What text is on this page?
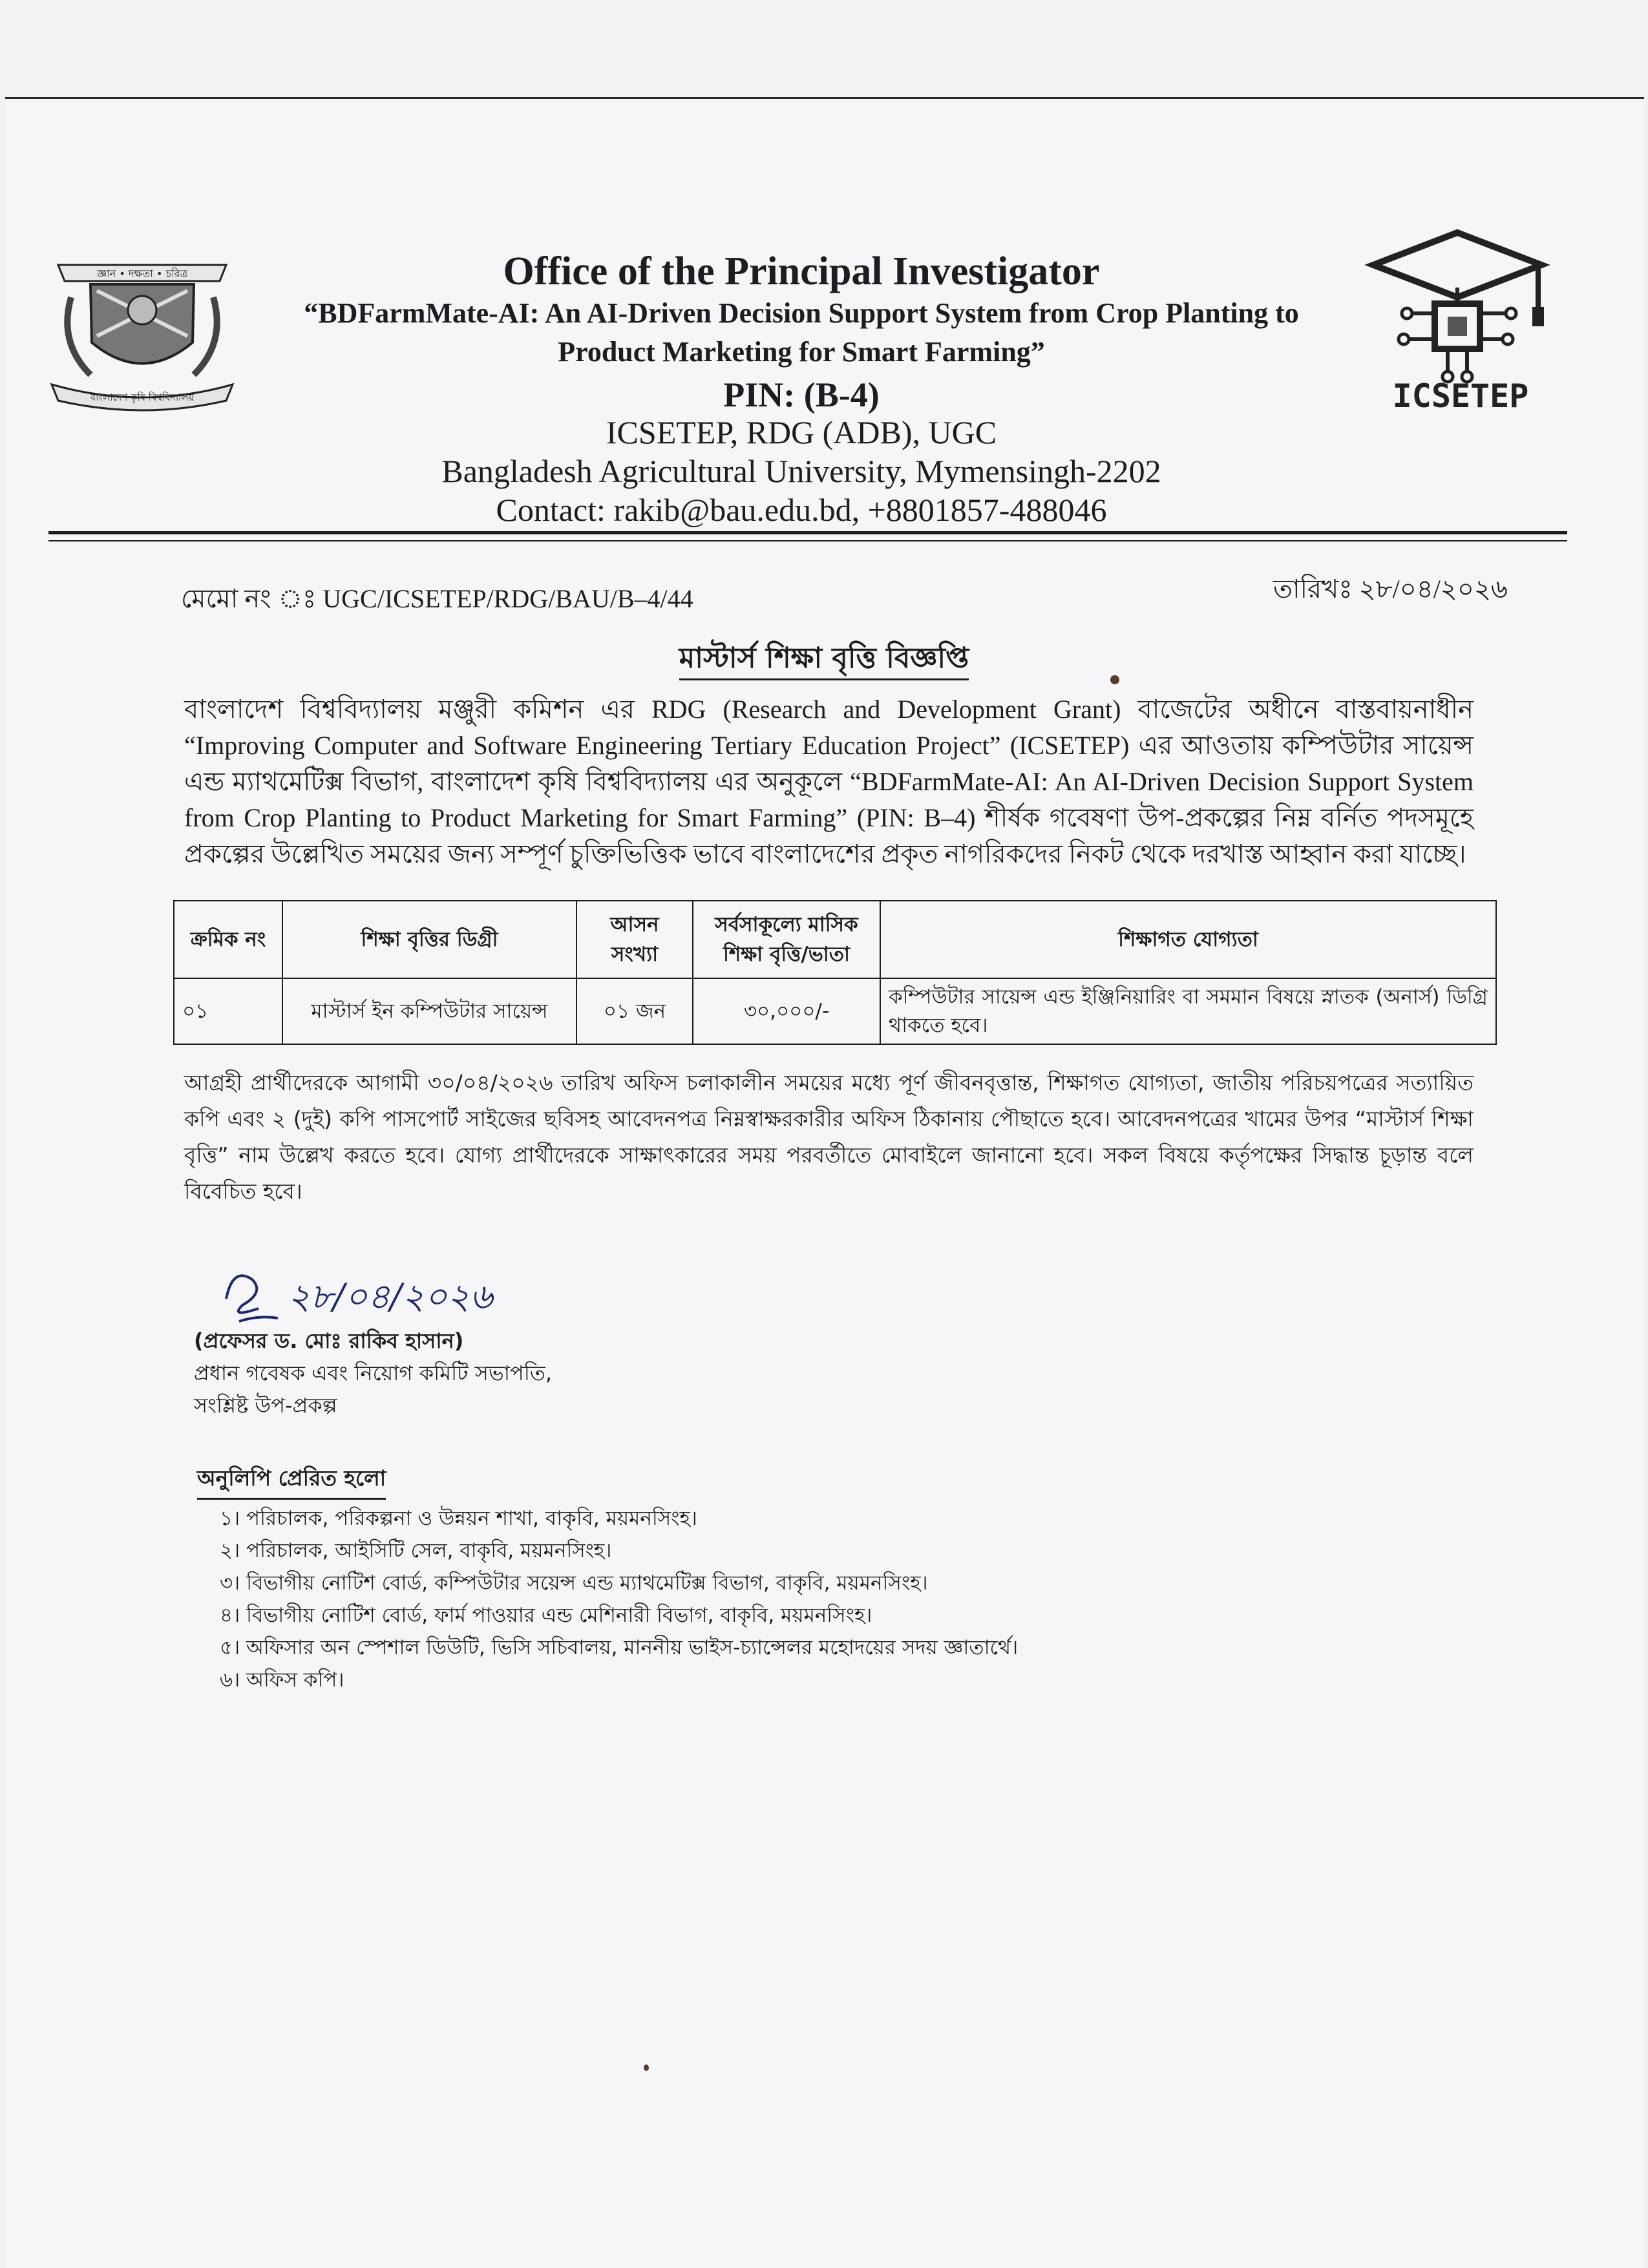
জ্ঞান • দক্ষতা • চরিত্র
বাংলাদেশ কৃষি বিশ্ববিদ্যালয়	ICSETEP
Office of the Principal Investigator
“BDFarmMate-AI: An AI-Driven Decision Support System from Crop Planting to
Product Marketing for Smart Farming”
PIN: (B-4)
ICSETEP, RDG (ADB), UGC
Bangladesh Agricultural University, Mymensingh-2202
Contact: rakib@bau.edu.bd, +8801857-488046
মেমো নং ঃ UGC/ICSETEP/RDG/BAU/B–4/44	তারিখঃ ২৮/০৪/২০২৬
মাস্টার্স শিক্ষা বৃত্তি বিজ্ঞপ্তি
বাংলাদেশ বিশ্ববিদ্যালয় মঞ্জুরী কমিশন এর RDG (Research and Development Grant) বাজেটের অধীনে বাস্তবায়নাধীন “Improving Computer and Software Engineering Tertiary Education Project” (ICSETEP) এর আওতায় কম্পিউটার সায়েন্স এন্ড ম্যাথমেটিক্স বিভাগ, বাংলাদেশ কৃষি বিশ্ববিদ্যালয় এর অনুকূলে “BDFarmMate-AI: An AI-Driven Decision Support System from Crop Planting to Product Marketing for Smart Farming” (PIN: B–4) শীর্ষক গবেষণা উপ-প্রকল্পের নিম্ন বর্নিত পদসমূহে প্রকল্পের উল্লেখিত সময়ের জন্য সম্পূর্ণ চুক্তিভিত্তিক ভাবে বাংলাদেশের প্রকৃত নাগরিকদের নিকট থেকে দরখাস্ত আহ্বান করা যাচ্ছে।
ক্রমিক নং	শিক্ষা বৃত্তির ডিগ্রী	আসন সংখ্যা	সর্বসাকূল্যে মাসিক শিক্ষা বৃত্তি/ভাতা	শিক্ষাগত যোগ্যতা
০১	মাস্টার্স ইন কম্পিউটার সায়েন্স	০১ জন	৩০,০০০/-	কম্পিউটার সায়েন্স এন্ড ইঞ্জিনিয়ারিং বা সমমান বিষয়ে স্নাতক (অনার্স) ডিগ্রি থাকতে হবে।
আগ্রহী প্রার্থীদেরকে আগামী ৩০/০৪/২০২৬ তারিখ অফিস চলাকালীন সময়ের মধ্যে পূর্ণ জীবনবৃত্তান্ত, শিক্ষাগত যোগ্যতা, জাতীয় পরিচয়পত্রের সত্যায়িত কপি এবং ২ (দুই) কপি পাসপোর্ট সাইজের ছবিসহ আবেদনপত্র নিম্নস্বাক্ষরকারীর অফিস ঠিকানায় পৌছাতে হবে। আবেদনপত্রের খামের উপর “মাস্টার্স শিক্ষা বৃত্তি” নাম উল্লেখ করতে হবে। যোগ্য প্রার্থীদেরকে সাক্ষাৎকারের সময় পরবর্তীতে মোবাইলে জানানো হবে। সকল বিষয়ে কর্তৃপক্ষের সিদ্ধান্ত চূড়ান্ত বলে বিবেচিত হবে।
২৮/০৪/২০২৬
(প্রফেসর ড. মোঃ রাকিব হাসান)
প্রধান গবেষক এবং নিয়োগ কমিটি সভাপতি,
সংশ্লিষ্ট উপ-প্রকল্প
অনুলিপি প্রেরিত হলো
১। পরিচালক, পরিকল্পনা ও উন্নয়ন শাখা, বাকৃবি, ময়মনসিংহ।
২। পরিচালক, আইসিটি সেল, বাকৃবি, ময়মনসিংহ।
৩। বিভাগীয় নোটিশ বোর্ড, কম্পিউটার সয়েন্স এন্ড ম্যাথমেটিক্স বিভাগ, বাকৃবি, ময়মনসিংহ।
৪। বিভাগীয় নোটিশ বোর্ড, ফার্ম পাওয়ার এন্ড মেশিনারী বিভাগ, বাকৃবি, ময়মনসিংহ।
৫। অফিসার অন স্পেশাল ডিউটি, ভিসি সচিবালয়, মাননীয় ভাইস-চ্যান্সেলর মহোদয়ের সদয় জ্ঞাতার্থে।
৬। অফিস কপি।
